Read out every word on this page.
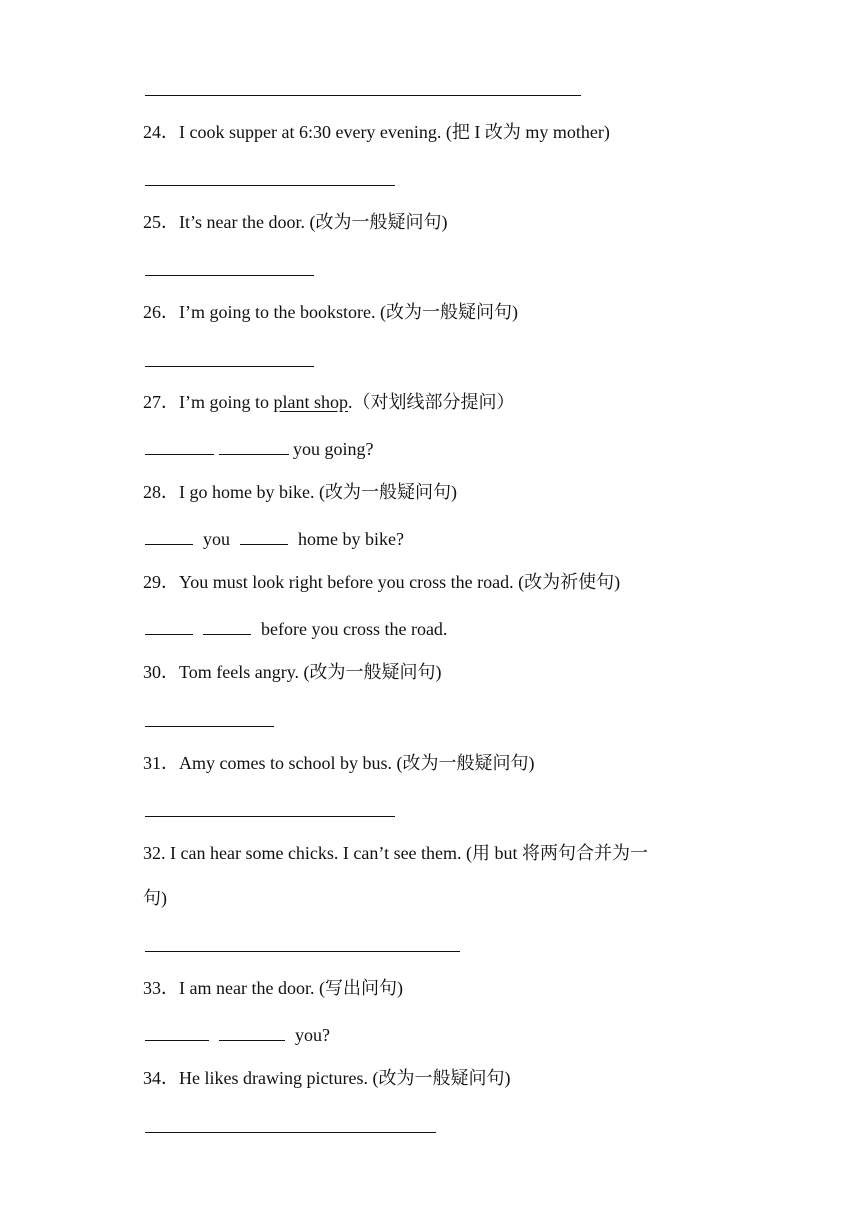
24．I cook supper at 6:30 every evening. (把 I 改为 my mother)
25．It’s near the door. (改为一般疑问句)
26．I’m going to the bookstore. (改为一般疑问句)
27．I’m going to plant shop.（对划线部分提问）
you going?
28．I go home by bike. (改为一般疑问句)
you	home by bike?
29．You must look right before you cross the road. (改为祈使句)
before you cross the road.
30．Tom feels angry. (改为一般疑问句)
31．Amy comes to school by bus. (改为一般疑问句)
32. I can hear some chicks. I can’t see them. (用 but 将两句合并为一
句)
33．I am near the door. (写出问句)
you?
34．He likes drawing pictures. (改为一般疑问句)
